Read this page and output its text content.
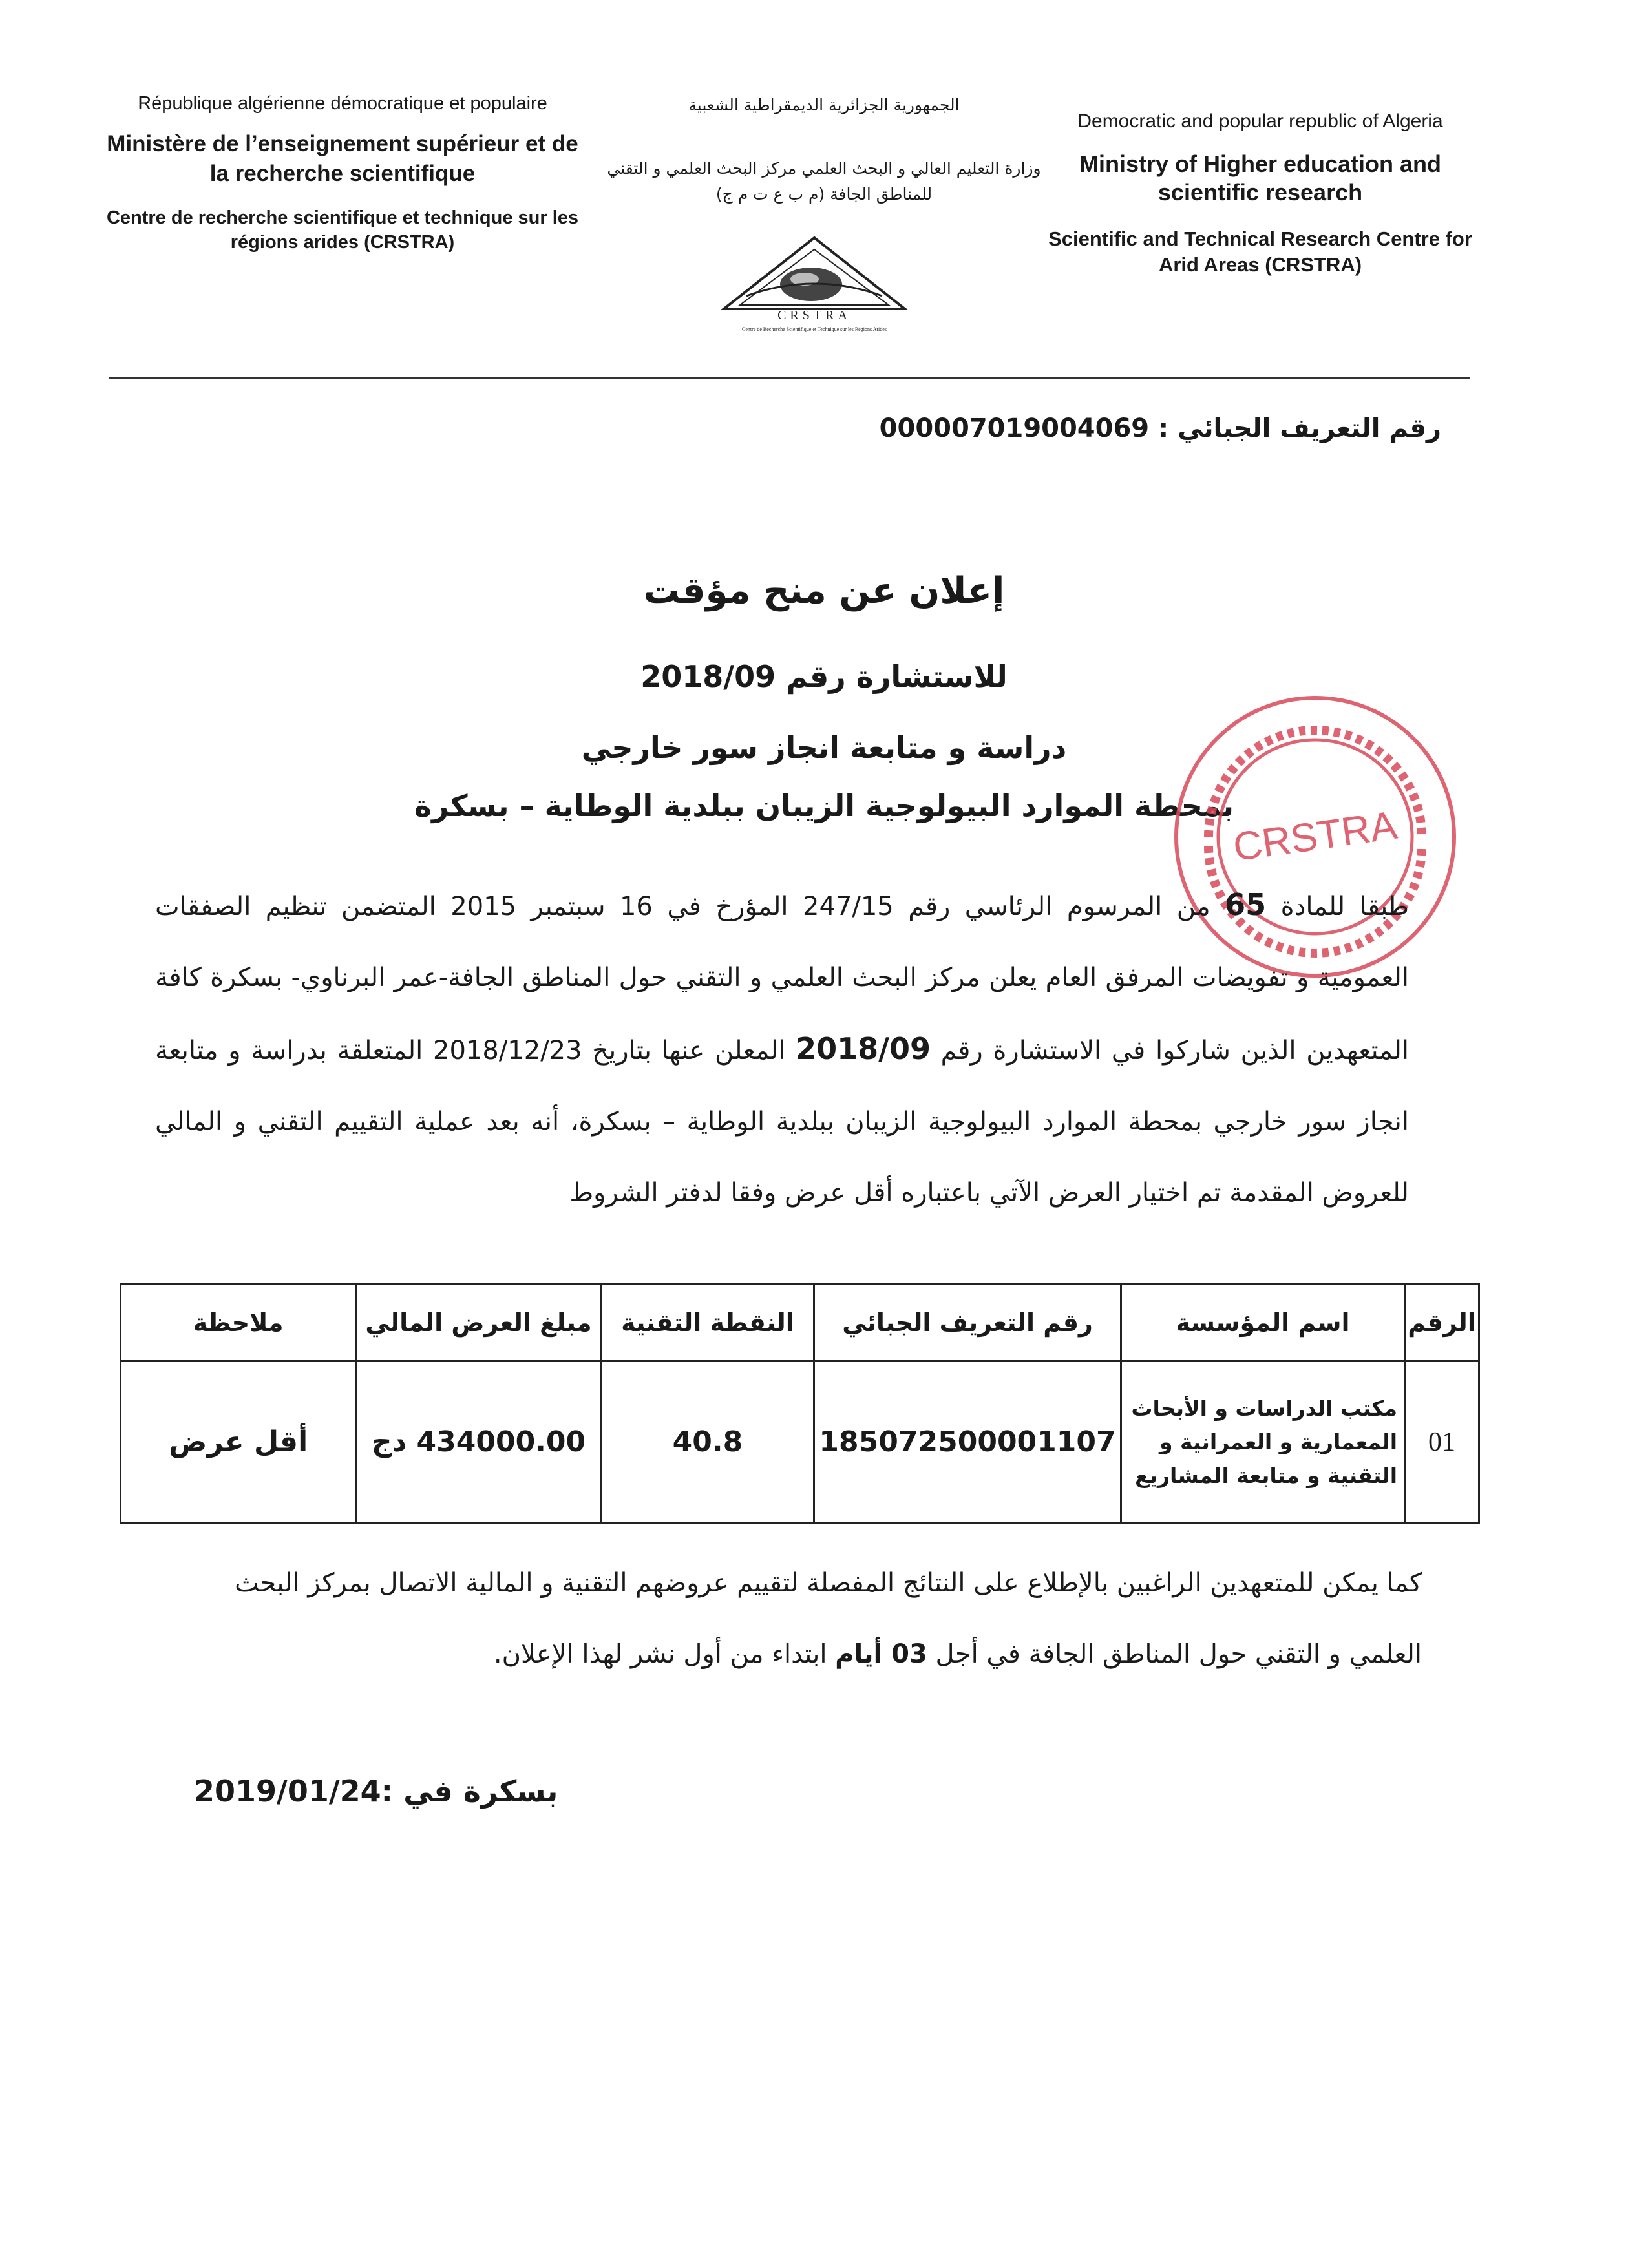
République algérienne démocratique et populaire
Ministère de l’enseignement supérieur et de la recherche scientifique
Centre de recherche scientifique et technique sur les régions arides (CRSTRA)
الجمهورية الجزائرية الديمقراطية الشعبية
وزارة التعليم العالي و البحث العلمي مركز البحث العلمي و التقني للمناطق الجافة (م ب ع ت م ج)
Democratic and popular republic of Algeria
Ministry of Higher education and scientific research
Scientific and Technical Research Centre for Arid Areas (CRSTRA)
CRSTRA
Centre de Recherche Scientifique et Technique sur les Régions Arides
رقم التعريف الجبائي : 000007019004069
إعلان عن منح مؤقت
للاستشارة رقم 2018/09
دراسة و متابعة انجاز سور خارجي
بمحطة الموارد البيولوجية الزيبان ببلدية الوطاية – بسكرة
CRSTRA
طبقا للمادة 65 من المرسوم الرئاسي رقم 247/15 المؤرخ في 16 سبتمبر 2015 المتضمن تنظيم الصفقات العمومية و تفويضات المرفق العام يعلن مركز البحث العلمي و التقني حول المناطق الجافة-عمر البرناوي- بسكرة كافة المتعهدين الذين شاركوا في الاستشارة رقم 2018/09 المعلن عنها بتاريخ 2018/12/23 المتعلقة بدراسة و متابعة انجاز سور خارجي بمحطة الموارد البيولوجية الزيبان ببلدية الوطاية – بسكرة، أنه بعد عملية التقييم التقني و المالي للعروض المقدمة تم اختيار العرض الآتي باعتباره أقل عرض وفقا لدفتر الشروط
الرقم	اسم المؤسسة	رقم التعريف الجبائي	النقطة التقنية	مبلغ العرض المالي	ملاحظة
01	مكتب الدراسات و الأبحاث
المعمارية و العمرانية و
التقنية و متابعة المشاريع	185072500001107	40.8	434000.00 دج	أقل عرض
كما يمكن للمتعهدين الراغبين بالإطلاع على النتائج المفصلة لتقييم عروضهم التقنية و المالية الاتصال بمركز البحث العلمي و التقني حول المناطق الجافة في أجل 03 أيام ابتداء من أول نشر لهذا الإعلان.
بسكرة في :2019/01/24
